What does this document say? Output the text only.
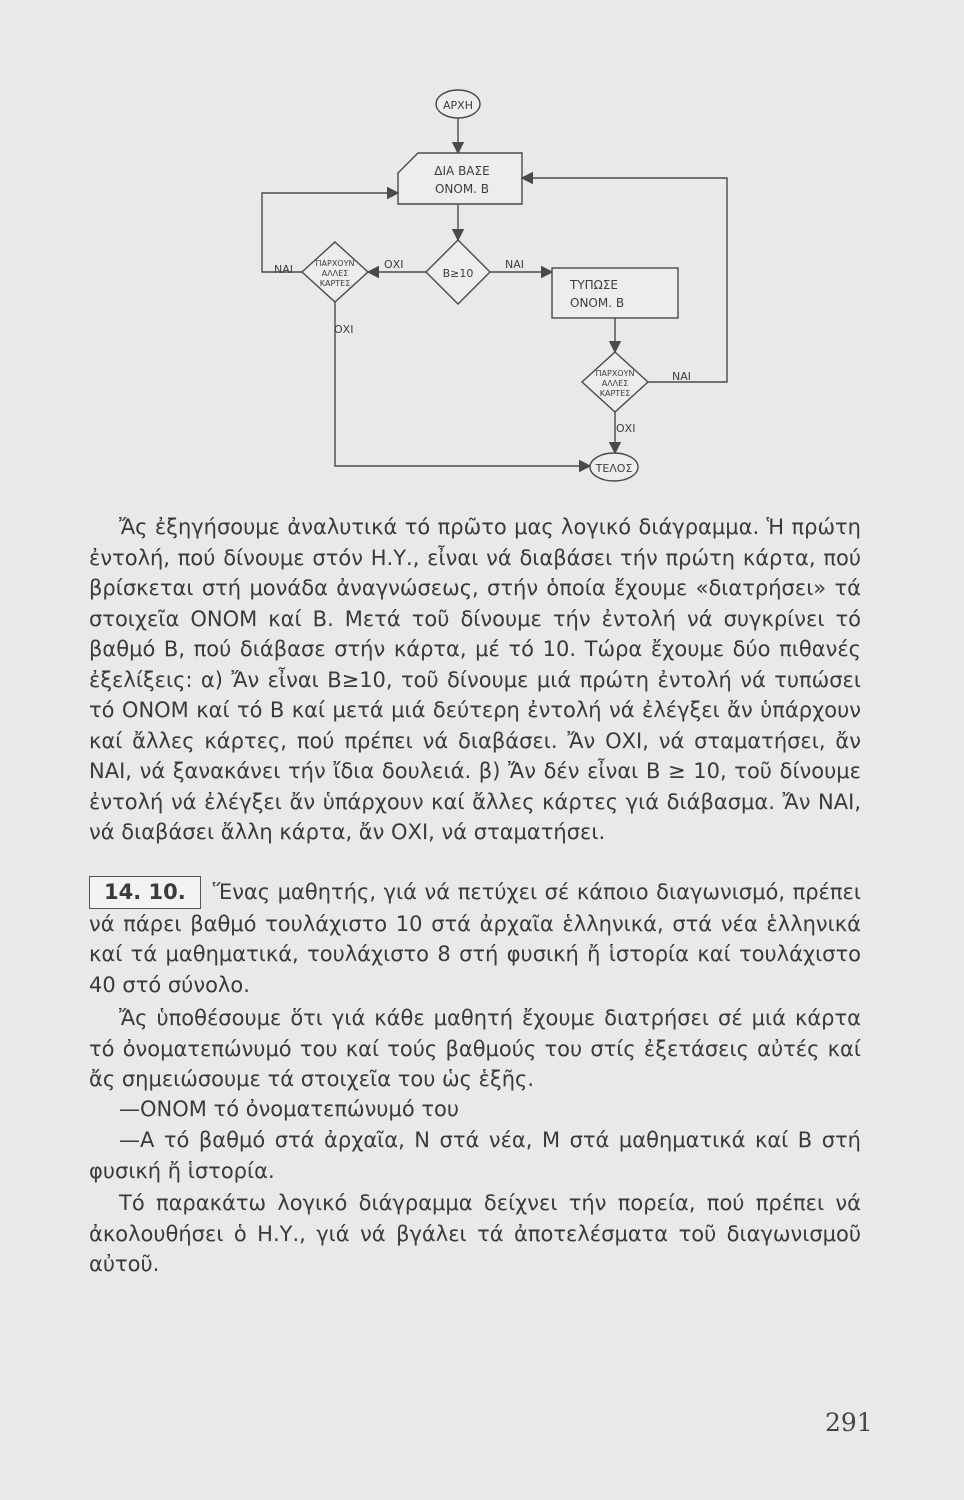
ΑΡΧΗ
ΔΙΑ ΒΑΣΕ
ΟΝΟΜ. Β
Β≥10
ΟΧΙ	ΝΑΙ
ΠΑΡΧΟΥΝ
ΑΛΛΕΣ
ΚΑΡΤΕΣ
ΝΑΙ
ΟΧΙ
ΤΥΠΩΣΕ
ΟΝΟΜ. Β
ΠΑΡΧΟΥΝ
ΑΛΛΕΣ
ΚΑΡΤΕΣ
ΝΑΙ
ΟΧΙ
ΤΕΛΟΣ

Ἄς ἐξηγήσουμε ἀναλυτικά τό πρῶτο μας λογικό διάγραμμα. Ἡ πρώτη ἐντολή, πού δίνουμε στόν Η.Υ., εἶναι νά διαβάσει τήν πρώτη κάρτα, πού βρίσκεται στή μονάδα ἀναγνώσεως, στήν ὁποία ἔχουμε «διατρήσει» τά στοιχεῖα ΟΝΟΜ καί Β. Μετά τοῦ δίνουμε τήν ἐντολή νά συγκρίνει τό βαθμό Β, πού διάβασε στήν κάρτα, μέ τό 10. Τώρα ἔχουμε δύο πιθανές ἐξελίξεις: α) Ἄν εἶναι Β≥10, τοῦ δίνουμε μιά πρώτη ἐντολή νά τυπώσει τό ΟΝΟΜ καί τό Β καί μετά μιά δεύτερη ἐντολή νά ἐλέγξει ἄν ὑπάρχουν καί ἄλλες κάρτες, πού πρέπει νά διαβάσει. Ἄν ΟΧΙ, νά σταματήσει, ἄν ΝΑΙ, νά ξανακάνει τήν ἴδια δουλειά. β) Ἄν δέν εἶναι Β ≥ 10, τοῦ δίνουμε ἐντολή νά ἐλέγξει ἄν ὑπάρχουν καί ἄλλες κάρτες γιά διάβασμα. Ἄν ΝΑΙ, νά διαβάσει ἄλλη κάρτα, ἄν ΟΧΙ, νά σταματήσει.

14. 10. Ἕνας μαθητής, γιά νά πετύχει σέ κάποιο διαγωνισμό, πρέπει νά πάρει βαθμό τουλάχιστο 10 στά ἀρχαῖα ἑλληνικά, στά νέα ἑλληνικά καί τά μαθηματικά, τουλάχιστο 8 στή φυσική ἤ ἱστορία καί τουλάχιστο 40 στό σύνολο.

Ἄς ὑποθέσουμε ὅτι γιά κάθε μαθητή ἔχουμε διατρήσει σέ μιά κάρτα τό ὀνοματεπώνυμό του καί τούς βαθμούς του στίς ἐξετάσεις αὐτές καί ἄς σημειώσουμε τά στοιχεῖα του ὡς ἑξῆς.

—ΟΝΟΜ τό ὀνοματεπώνυμό του

—Α τό βαθμό στά ἀρχαῖα, Ν στά νέα, Μ στά μαθηματικά καί Β στή φυσική ἤ ἱστορία.

Τό παρακάτω λογικό διάγραμμα δείχνει τήν πορεία, πού πρέπει νά ἀκολουθήσει ὁ Η.Υ., γιά νά βγάλει τά ἀποτελέσματα τοῦ διαγωνισμοῦ αὐτοῦ.

291
